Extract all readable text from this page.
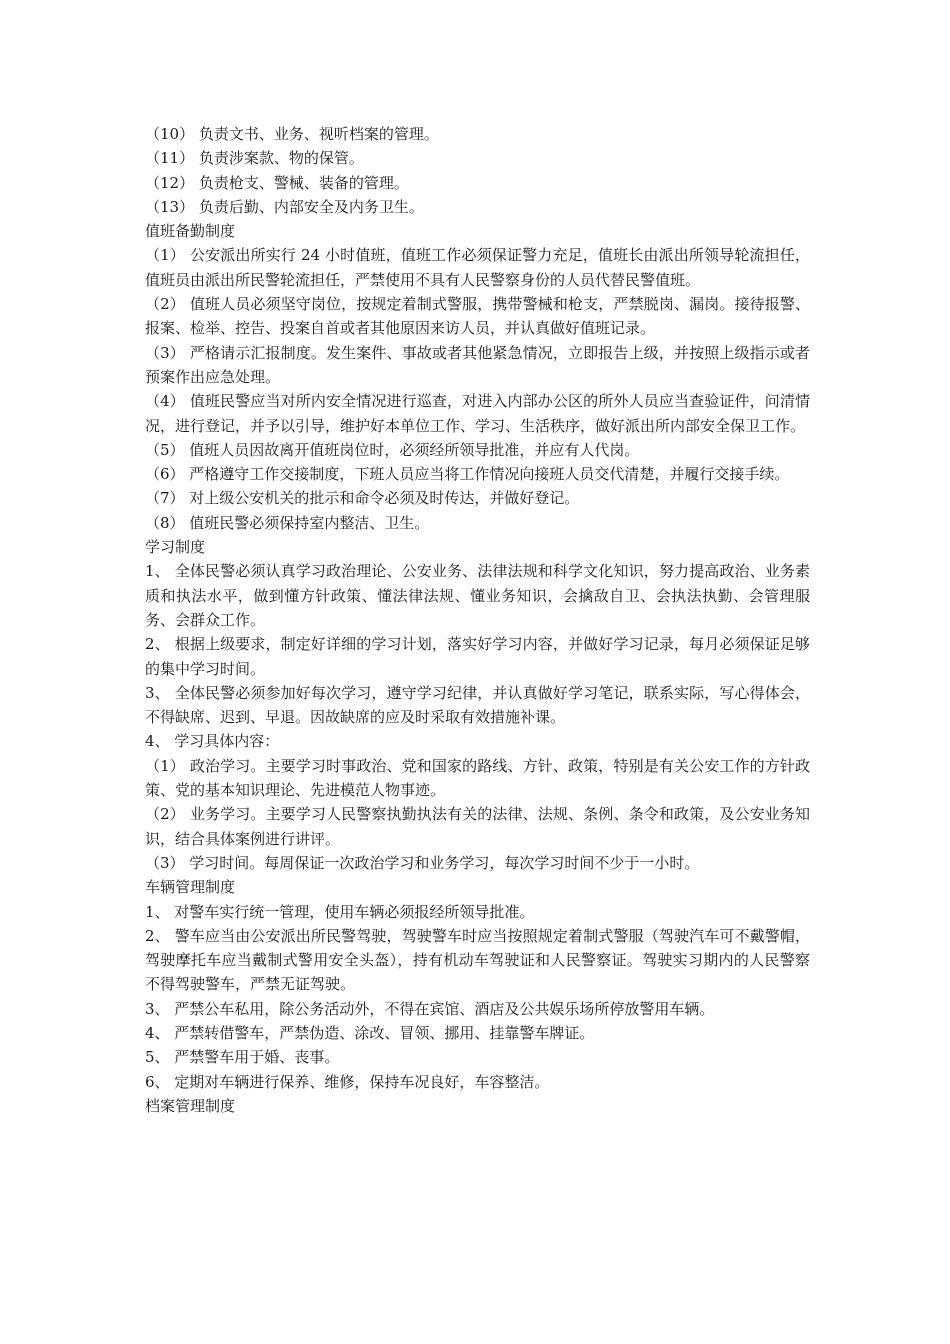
（10） 负责文书、业务、视听档案的管理。

（11） 负责涉案款、物的保管。

（12） 负责枪支、警械、装备的管理。

（13） 负责后勤、内部安全及内务卫生。

值班备勤制度

（1） 公安派出所实行 24 小时值班，值班工作必须保证警力充足，值班长由派出所领导轮流担任，值班员由派出所民警轮流担任，严禁使用不具有人民警察身份的人员代替民警值班。

（2） 值班人员必须坚守岗位，按规定着制式警服，携带警械和枪支，严禁脱岗、漏岗。接待报警、报案、检举、控告、投案自首或者其他原因来访人员，并认真做好值班记录。

（3） 严格请示汇报制度。发生案件、事故或者其他紧急情况，立即报告上级，并按照上级指示或者预案作出应急处理。

（4） 值班民警应当对所内安全情况进行巡查，对进入内部办公区的所外人员应当查验证件，问清情况，进行登记，并予以引导，维护好本单位工作、学习、生活秩序，做好派出所内部安全保卫工作。

（5） 值班人员因故离开值班岗位时，必须经所领导批准，并应有人代岗。

（6） 严格遵守工作交接制度，下班人员应当将工作情况向接班人员交代清楚，并履行交接手续。

（7） 对上级公安机关的批示和命令必须及时传达，并做好登记。

（8） 值班民警必须保持室内整洁、卫生。

学习制度

1、 全体民警必须认真学习政治理论、公安业务、法律法规和科学文化知识，努力提高政治、业务素质和执法水平，做到懂方针政策、懂法律法规、懂业务知识，会擒敌自卫、会执法执勤、会管理服务、会群众工作。

2、 根据上级要求，制定好详细的学习计划，落实好学习内容，并做好学习记录，每月必须保证足够的集中学习时间。

3、 全体民警必须参加好每次学习，遵守学习纪律，并认真做好学习笔记，联系实际，写心得体会，不得缺席、迟到、早退。因故缺席的应及时采取有效措施补课。

4、 学习具体内容：

（1） 政治学习。主要学习时事政治、党和国家的路线、方针、政策，特别是有关公安工作的方针政策、党的基本知识理论、先进模范人物事迹。

（2） 业务学习。主要学习人民警察执勤执法有关的法律、法规、条例、条令和政策，及公安业务知识，结合具体案例进行讲评。

（3） 学习时间。每周保证一次政治学习和业务学习，每次学习时间不少于一小时。

车辆管理制度

1、 对警车实行统一管理，使用车辆必须报经所领导批准。

2、 警车应当由公安派出所民警驾驶，驾驶警车时应当按照规定着制式警服（驾驶汽车可不戴警帽，驾驶摩托车应当戴制式警用安全头盔），持有机动车驾驶证和人民警察证。驾驶实习期内的人民警察不得驾驶警车，严禁无证驾驶。

3、 严禁公车私用，除公务活动外，不得在宾馆、酒店及公共娱乐场所停放警用车辆。

4、 严禁转借警车，严禁伪造、涂改、冒领、挪用、挂靠警车牌证。

5、 严禁警车用于婚、丧事。

6、 定期对车辆进行保养、维修，保持车况良好，车容整洁。

档案管理制度
